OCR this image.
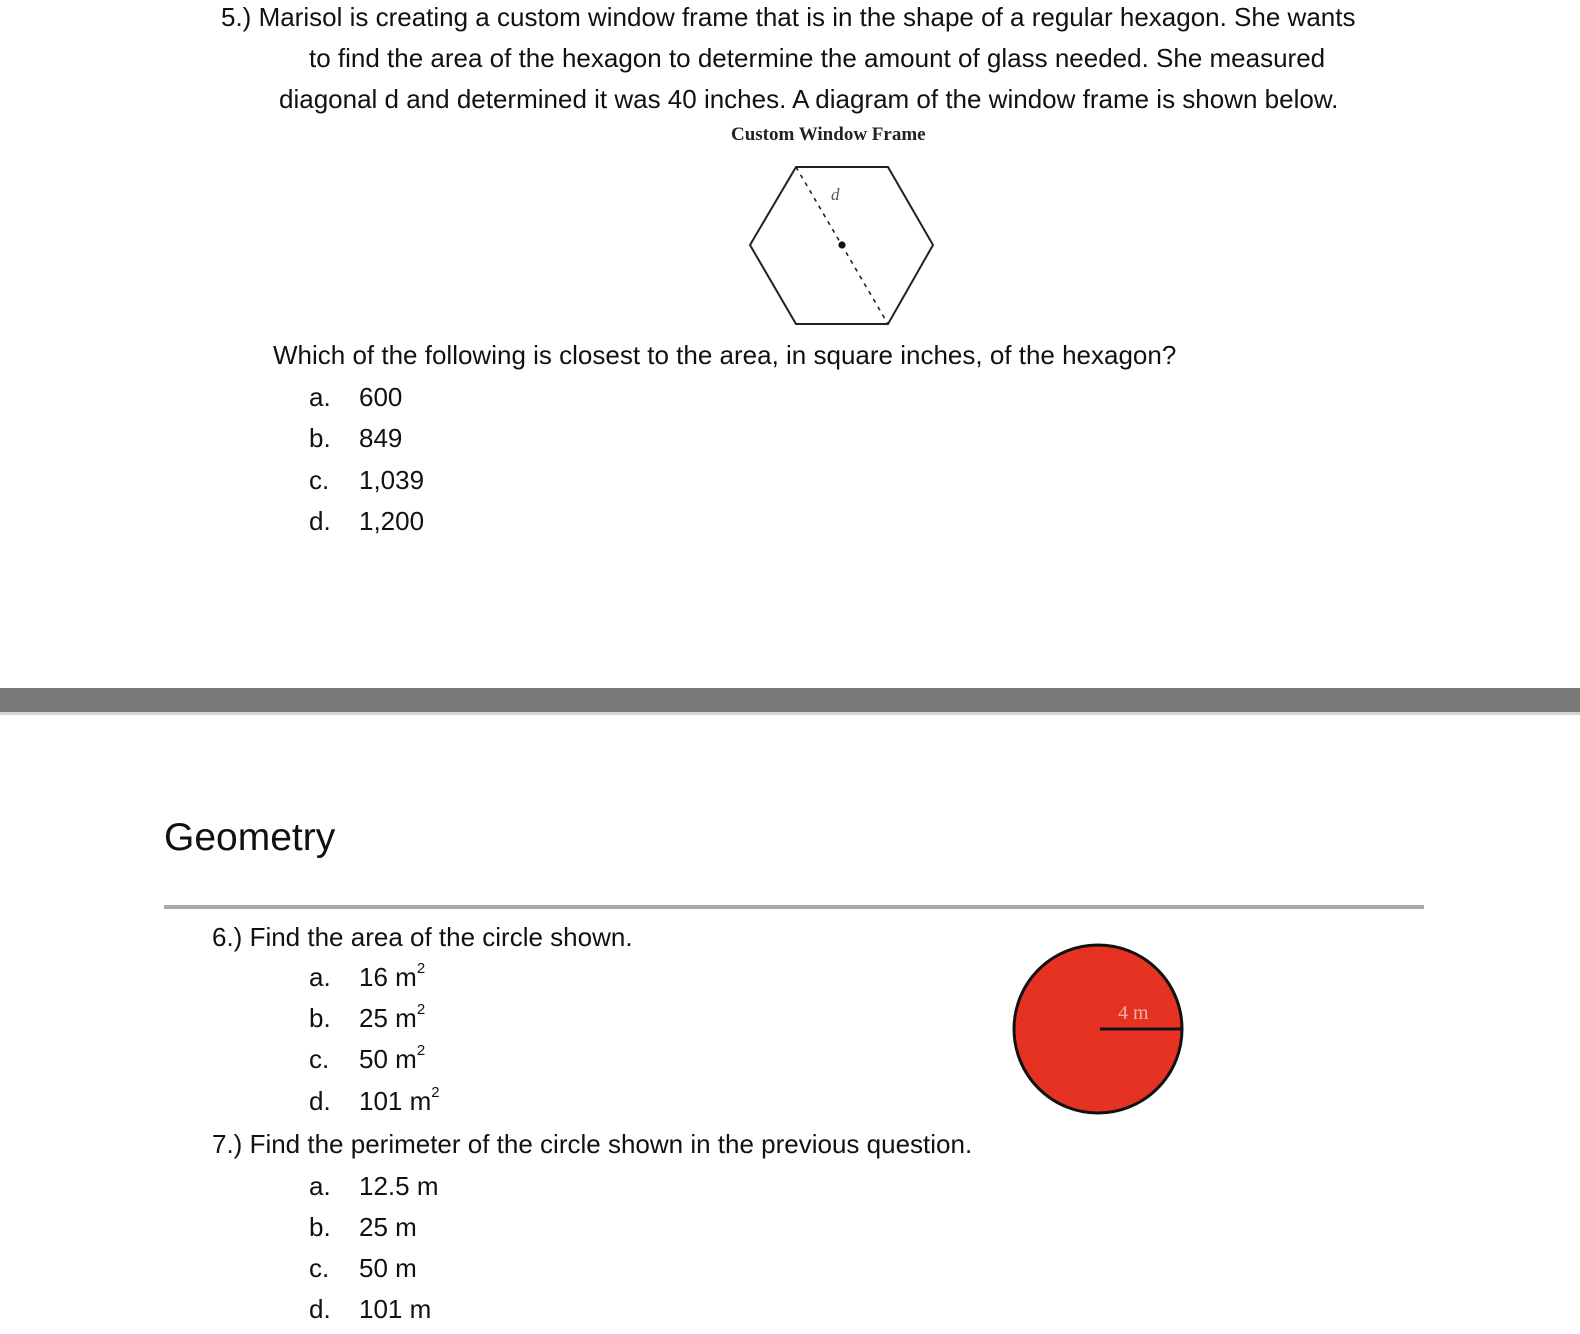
5.) Marisol is creating a custom window frame that is in the shape of a regular hexagon. She wants
to find the area of the hexagon to determine the amount of glass needed. She measured
diagonal d and determined it was 40 inches. A diagram of the window frame is shown below.
Custom Window Frame
d
Which of the following is closest to the area, in square inches, of the hexagon?
a. 600
b. 849
c. 1,039
d. 1,200
Geometry
6.) Find the area of the circle shown.
a. 16 $m^2$
b. 25 $m^2$
c. 50 $m^2$
d. 101 $m^2$
4 m
7.) Find the perimeter of the circle shown in the previous question.
a. 12.5 m
b. 25 m
c. 50 m
d. 101 m
